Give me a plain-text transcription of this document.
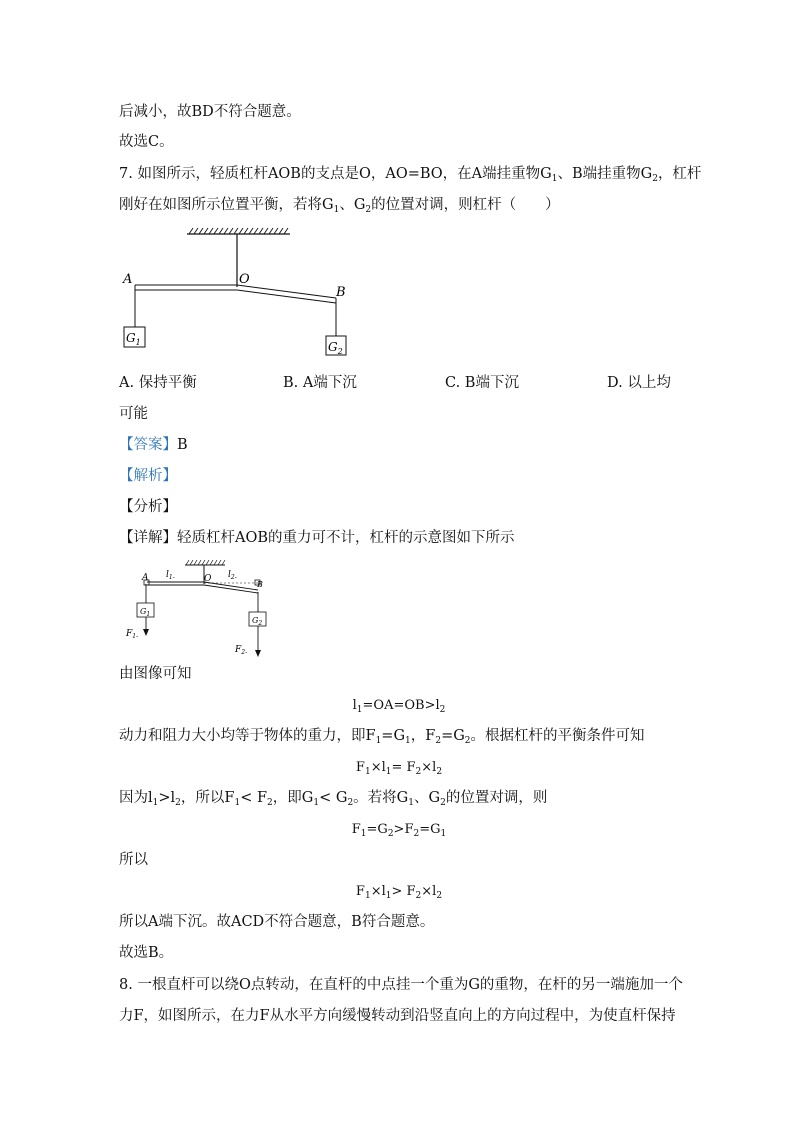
后减小，故BD不符合题意。
故选C。
7. 如图所示，轻质杠杆AOB的支点是O，AO=BO，在A端挂重物$G_1$、B端挂重物$G_2$，杠杆
刚好在如图所示位置平衡，若将$G_1$、$G_2$的位置对调，则杠杆（　　）
A	O
B
$G_1$	$G_2$
A. 保持平衡	B. A端下沉	C. B端下沉	D. 以上均
可能
【答案】B
【解析】
【分析】
【详解】轻质杠杆AOB的重力可不计，杠杆的示意图如下所示
A	O
B
$l_1-$	$l_2-$
$G_1$
$G_2$
$F_1-$
$F_2-$
由图像可知
$l_1=OA=OB>l_2$
动力和阻力大小均等于物体的重力，即$F_1=G_1$，$F_2=G_2$。根据杠杆的平衡条件可知
$F_1\times l_1= F_2\times l_2$
因为$l_1>l_2$，所以$F_1< F_2$，即$G_1< G_2$。若将$G_1$、$G_2$的位置对调，则
$F_1=G_2>F_2=G_1$
所以
$F_1\times l_1> F_2\times l_2$
所以A端下沉。故ACD不符合题意，B符合题意。
故选B。
8. 一根直杆可以绕O点转动，在直杆的中点挂一个重为G的重物，在杆的另一端施加一个
力F，如图所示，在力F从水平方向缓慢转动到沿竖直向上的方向过程中，为使直杆保持
